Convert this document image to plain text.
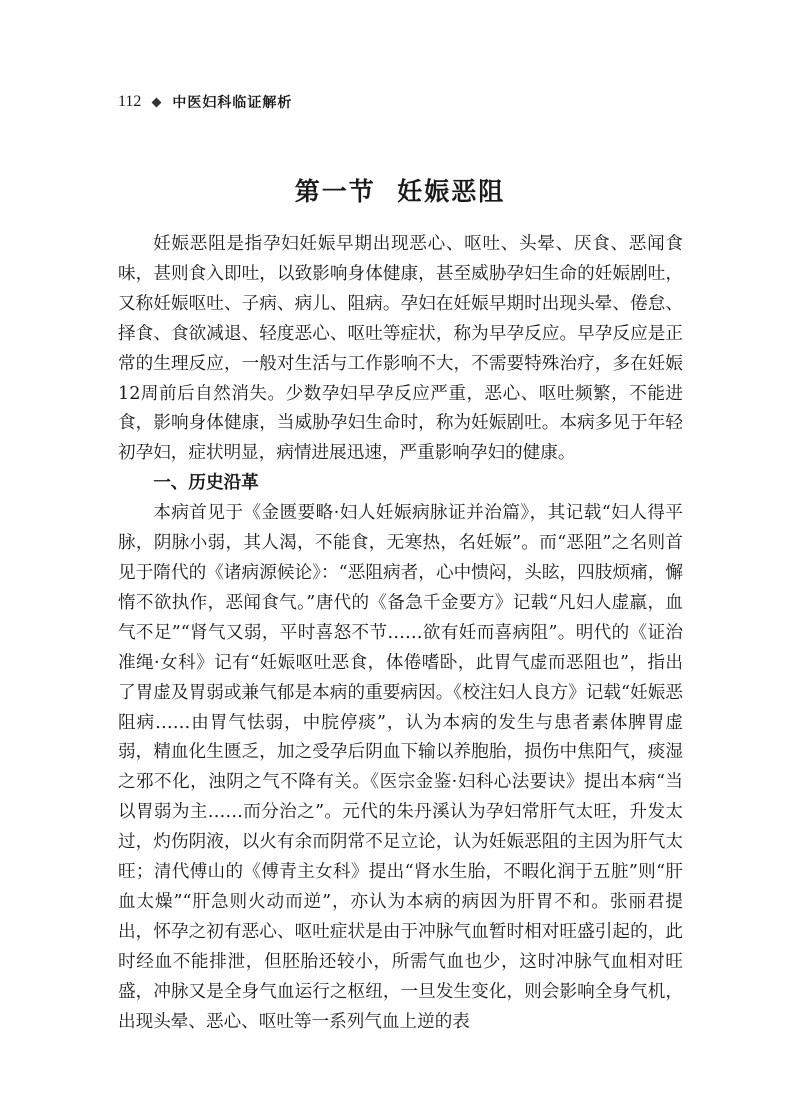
112 中医妇科临证解析
第一节  妊娠恶阻

妊娠恶阻是指孕妇妊娠早期出现恶心、呕吐、头晕、厌食、恶闻食味，甚则食入即吐，以致影响身体健康，甚至威胁孕妇生命的妊娠剧吐，又称妊娠呕吐、子病、病儿、阻病。孕妇在妊娠早期时出现头晕、倦怠、择食、食欲减退、轻度恶心、呕吐等症状，称为早孕反应。早孕反应是正常的生理反应，一般对生活与工作影响不大，不需要特殊治疗，多在妊娠12周前后自然消失。少数孕妇早孕反应严重，恶心、呕吐频繁，不能进食，影响身体健康，当威胁孕妇生命时，称为妊娠剧吐。本病多见于年轻初孕妇，症状明显，病情进展迅速，严重影响孕妇的健康。

一、历史沿革

本病首见于《金匮要略·妇人妊娠病脉证并治篇》，其记载“妇人得平脉，阴脉小弱，其人渴，不能食，无寒热，名妊娠”。而“恶阻”之名则首见于隋代的《诸病源候论》：“恶阻病者，心中愦闷，头眩，四肢烦痛，懈惰不欲执作，恶闻食气。”唐代的《备急千金要方》记载“凡妇人虚羸，血气不足”“肾气又弱，平时喜怒不节……欲有妊而喜病阻”。明代的《证治准绳·女科》记有“妊娠呕吐恶食，体倦嗜卧，此胃气虚而恶阻也”，指出了胃虚及胃弱或兼气郁是本病的重要病因。《校注妇人良方》记载“妊娠恶阻病……由胃气怯弱，中脘停痰”，认为本病的发生与患者素体脾胃虚弱，精血化生匮乏，加之受孕后阴血下输以养胞胎，损伤中焦阳气，痰湿之邪不化，浊阴之气不降有关。《医宗金鉴·妇科心法要诀》提出本病“当以胃弱为主……而分治之”。元代的朱丹溪认为孕妇常肝气太旺，升发太过，灼伤阴液，以火有余而阴常不足立论，认为妊娠恶阻的主因为肝气太旺；清代傅山的《傅青主女科》提出“肾水生胎，不暇化润于五脏”则“肝血太燥”“肝急则火动而逆”，亦认为本病的病因为肝胃不和。张丽君提出，怀孕之初有恶心、呕吐症状是由于冲脉气血暂时相对旺盛引起的，此时经血不能排泄，但胚胎还较小，所需气血也少，这时冲脉气血相对旺盛，冲脉又是全身气血运行之枢纽，一旦发生变化，则会影响全身气机，出现头晕、恶心、呕吐等一系列气血上逆的表
